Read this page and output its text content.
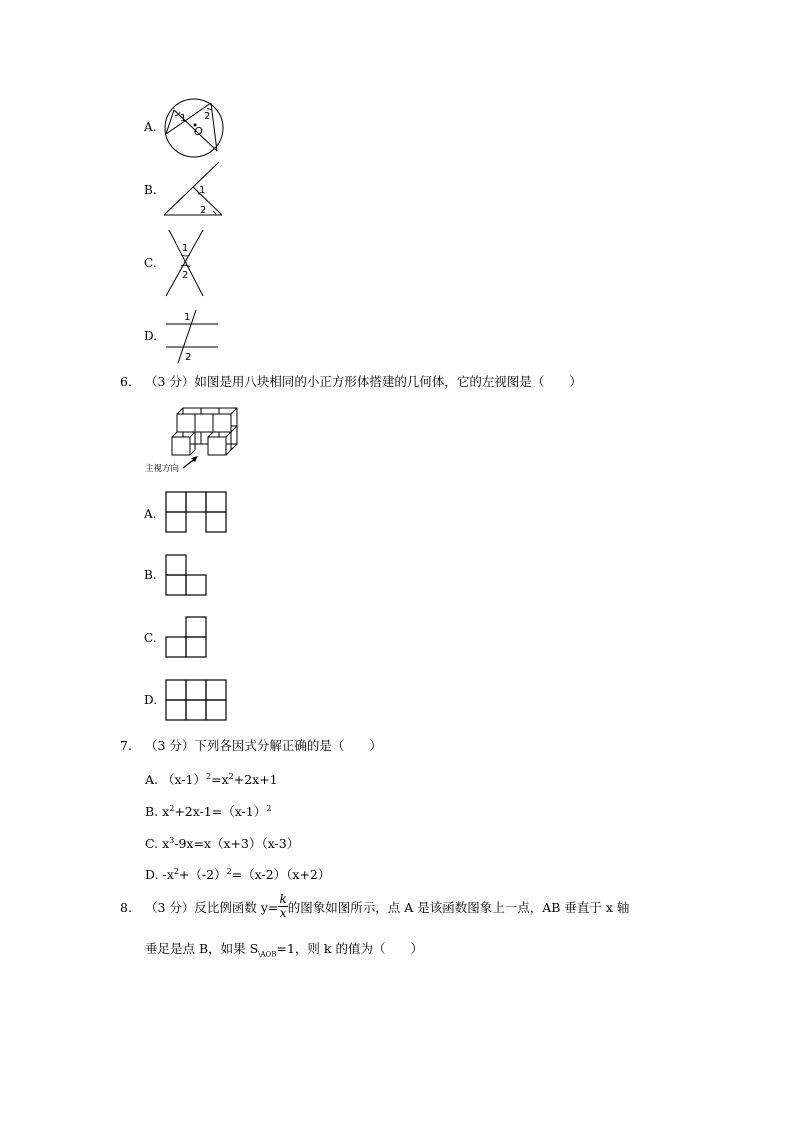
A.
1 2
O
B.	1
2
C.
1
2
D.
1
2
6. （3 分）如图是用八块相同的小正方形体搭建的几何体，它的左视图是（　　）
主视方向
A.
B.
C.
D.
7. （3 分）下列各因式分解正确的是（　　）
A. $(x-1)^2=x^2+2x+1$
B. $x^2+2x-1=(x-1)^2$
C. $x^3-9x=x(x+3)(x-3)$
D. $-x^2+(-2)^2=(x-2)(x+2)$
8. （3 分）反比例函数 $y= \frac{k}{x}$ 的图象如图所示，点 A 是该函数图象上一点，AB 垂直于 x 轴
垂足是点 B，如果 $S_{\backslash AOB}=1$，则 k 的值为（　　）
